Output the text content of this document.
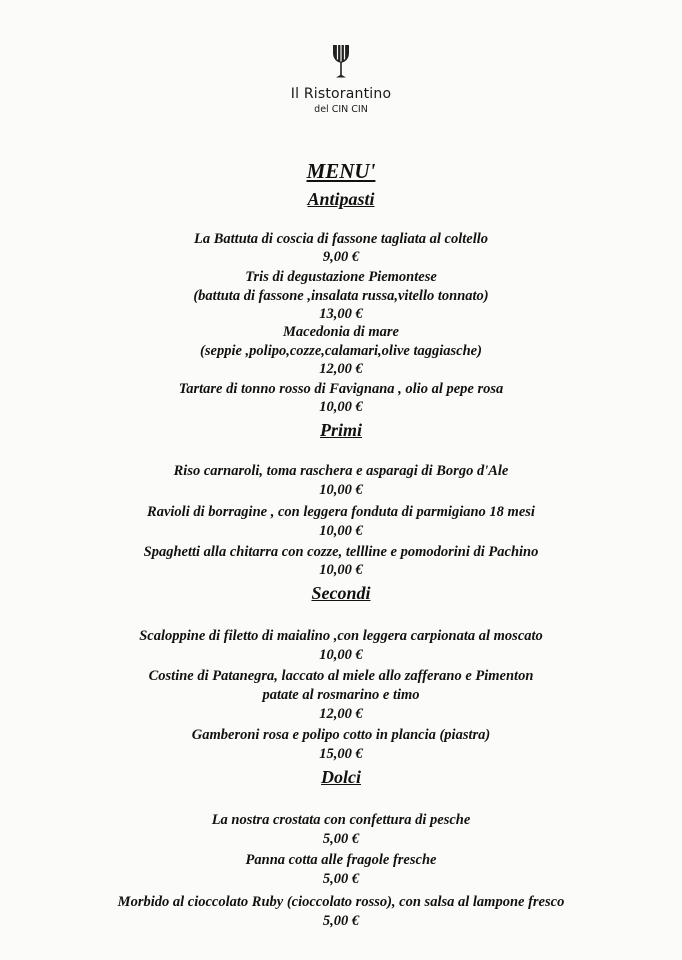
Il Ristorantino
del CIN CIN
MENU'
Antipasti
La Battuta di coscia di fassone tagliata al coltello
9,00 €
Tris di degustazione Piemontese
(battuta di fassone ,insalata russa,vitello tonnato)
13,00 €
Macedonia di mare
(seppie ,polipo,cozze,calamari,olive taggiasche)
12,00 €
Tartare di tonno rosso di Favignana , olio al pepe rosa
10,00 €
Primi
Riso carnaroli, toma raschera e asparagi di Borgo d'Ale
10,00 €
Ravioli di borragine , con leggera fonduta di parmigiano 18 mesi
10,00 €
Spaghetti alla chitarra con cozze, tellline e pomodorini di Pachino
10,00 €
Secondi
Scaloppine di filetto di maialino ,con leggera carpionata al moscato
10,00 €
Costine di Patanegra, laccato al miele allo zafferano e Pimenton
patate al rosmarino e timo
12,00 €
Gamberoni rosa e polipo cotto in plancia (piastra)
15,00 €
Dolci
La nostra crostata con confettura di pesche
5,00 €
Panna cotta alle fragole fresche
5,00 €
Morbido al cioccolato Ruby (cioccolato rosso), con salsa al lampone fresco
5,00 €
